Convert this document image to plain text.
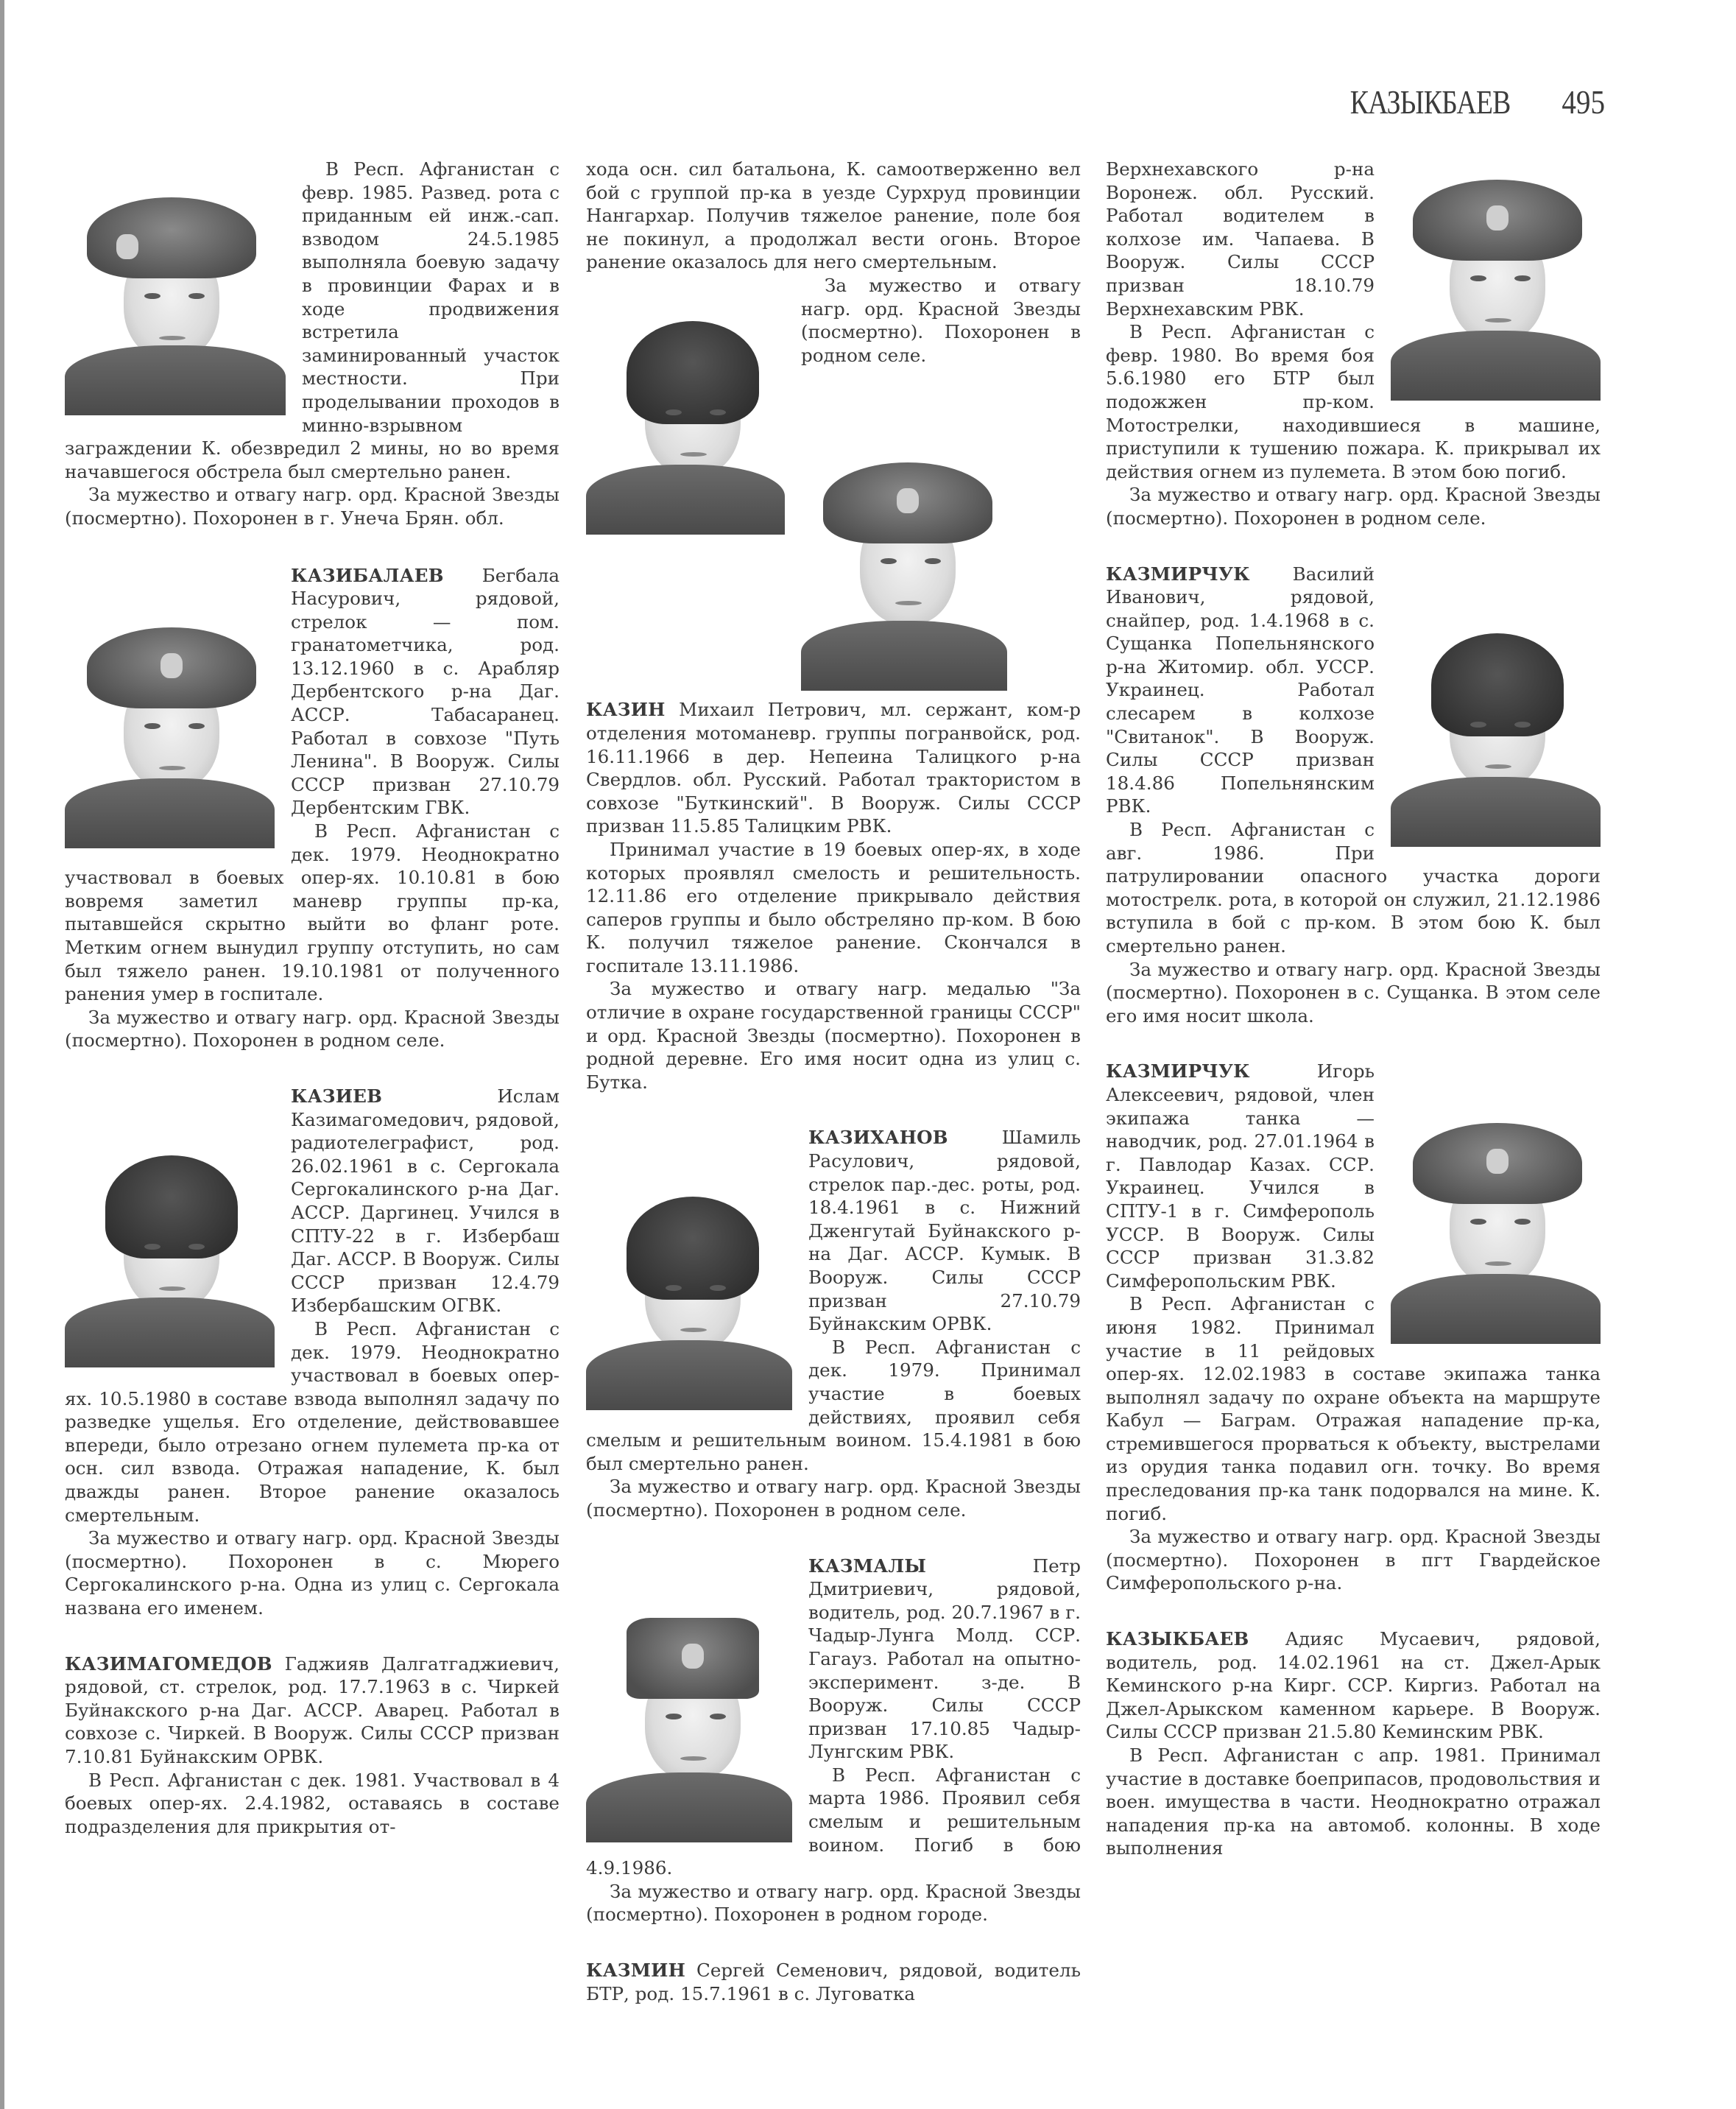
КАЗЫКБАЕВ 495

В Респ. Афганистан с февр. 1985. Развед. рота с приданным ей инж.-сап. взводом 24.5.1985 выполняла боевую задачу в провинции Фарах и в ходе продвижения встретила заминированный участок местности. При проделывании проходов в минно-взрывном заграждении К. обезвредил 2 мины, но во время начавшегося обстрела был смертельно ранен.

За мужество и отвагу нагр. орд. Красной Звезды (посмертно). Похоронен в г. Унеча Брян. обл.

КАЗИБАЛАЕВ Бегбала Насурович, рядовой, стрелок — пом. гранатометчика, род. 13.12.1960 в с. Арабляр Дербентского р-на Даг. АССР. Табасаранец. Работал в совхозе "Путь Ленина". В Вооруж. Силы СССР призван 27.10.79 Дербентским ГВК.

В Респ. Афганистан с дек. 1979. Неоднократно участвовал в боевых опер-ях. 10.10.81 в бою вовремя заметил маневр группы пр-ка, пытавшейся скрытно выйти во фланг роте. Метким огнем вынудил группу отступить, но сам был тяжело ранен. 19.10.1981 от полученного ранения умер в госпитале.

За мужество и отвагу нагр. орд. Красной Звезды (посмертно). Похоронен в родном селе.

КАЗИЕВ Ислам Казимагомедович, рядовой, радиотелеграфист, род. 26.02.1961 в с. Сергокала Сергокалинского р-на Даг. АССР. Даргинец. Учился в СПТУ-22 в г. Избербаш Даг. АССР. В Вооруж. Силы СССР призван 12.4.79 Избербашским ОГВК.

В Респ. Афганистан с дек. 1979. Неоднократно участвовал в боевых опер-ях. 10.5.1980 в составе взвода выполнял задачу по разведке ущелья. Его отделение, действовавшее впереди, было отрезано огнем пулемета пр-ка от осн. сил взвода. Отражая нападение, К. был дважды ранен. Второе ранение оказалось смертельным.

За мужество и отвагу нагр. орд. Красной Звезды (посмертно). Похоронен в с. Мюрего Сергокалинского р-на. Одна из улиц с. Сергокала названа его именем.

КАЗИМАГОМЕДОВ Гаджияв Далгатгаджиевич, рядовой, ст. стрелок, род. 17.7.1963 в с. Чиркей Буйнакского р-на Даг. АССР. Аварец. Работал в совхозе с. Чиркей. В Вооруж. Силы СССР призван 7.10.81 Буйнакским ОРВК.

В Респ. Афганистан с дек. 1981. Участвовал в 4 боевых опер-ях. 2.4.1982, оставаясь в составе подразделения для прикрытия от-

хода осн. сил батальона, К. самоотверженно вел бой с группой пр-ка в уезде Сурхруд провинции Нангархар. Получив тяжелое ранение, поле боя не покинул, а продолжал вести огонь. Второе ранение оказалось для него смертельным.

За мужество и отвагу нагр. орд. Красной Звезды (посмертно). Похоронен в родном селе.

КАЗИН Михаил Петрович, мл. сержант, ком-р отделения мотоманевр. группы погранвойск, род. 16.11.1966 в дер. Непеина Талицкого р-на Свердлов. обл. Русский. Работал трактористом в совхозе "Буткинский". В Вооруж. Силы СССР призван 11.5.85 Талицким РВК.

Принимал участие в 19 боевых опер-ях, в ходе которых проявлял смелость и решительность. 12.11.86 его отделение прикрывало действия саперов группы и было обстреляно пр-ком. В бою К. получил тяжелое ранение. Скончался в госпитале 13.11.1986.

За мужество и отвагу нагр. медалью "За отличие в охране государственной границы СССР" и орд. Красной Звезды (посмертно). Похоронен в родной деревне. Его имя носит одна из улиц с. Бутка.

КАЗИХАНОВ Шамиль Расулович, рядовой, стрелок пар.-дес. роты, род. 18.4.1961 в с. Нижний Дженгутай Буйнакского р-на Даг. АССР. Кумык. В Вооруж. Силы СССР призван 27.10.79 Буйнакским ОРВК.

В Респ. Афганистан с дек. 1979. Принимал участие в боевых действиях, проявил себя смелым и решительным воином. 15.4.1981 в бою был смертельно ранен.

За мужество и отвагу нагр. орд. Красной Звезды (посмертно). Похоронен в родном селе.

КАЗМАЛЫ Петр Дмитриевич, рядовой, водитель, род. 20.7.1967 в г. Чадыр-Лунга Молд. ССР. Гагауз. Работал на опытно-эксперимент. з-де. В Вооруж. Силы СССР призван 17.10.85 Чадыр-Лунгским РВК.

В Респ. Афганистан с марта 1986. Проявил себя смелым и решительным воином. Погиб в бою 4.9.1986.

За мужество и отвагу нагр. орд. Красной Звезды (посмертно). Похоронен в родном городе.

КАЗМИН Сергей Семенович, рядовой, водитель БТР, род. 15.7.1961 в с. Луговатка

Верхнехавского р-на Воронеж. обл. Русский. Работал водителем в колхозе им. Чапаева. В Вооруж. Силы СССР призван 18.10.79 Верхнехавским РВК.

В Респ. Афганистан с февр. 1980. Во время боя 5.6.1980 его БТР был подожжен пр-ком. Мотострелки, находившиеся в машине, приступили к тушению пожара. К. прикрывал их действия огнем из пулемета. В этом бою погиб.

За мужество и отвагу нагр. орд. Красной Звезды (посмертно). Похоронен в родном селе.

КАЗМИРЧУК Василий Иванович, рядовой, снайпер, род. 1.4.1968 в с. Сущанка Попельнянского р-на Житомир. обл. УССР. Украинец. Работал слесарем в колхозе "Свитанок". В Вооруж. Силы СССР призван 18.4.86 Попельнянским РВК.

В Респ. Афганистан с авг. 1986. При патрулировании опасного участка дороги мотострелк. рота, в которой он служил, 21.12.1986 вступила в бой с пр-ком. В этом бою К. был смертельно ранен.

За мужество и отвагу нагр. орд. Красной Звезды (посмертно). Похоронен в с. Сущанка. В этом селе его имя носит школа.

КАЗМИРЧУК Игорь Алексеевич, рядовой, член экипажа танка — наводчик, род. 27.01.1964 в г. Павлодар Казах. ССР. Украинец. Учился в СПТУ-1 в г. Симферополь УССР. В Вооруж. Силы СССР призван 31.3.82 Симферопольским РВК.

В Респ. Афганистан с июня 1982. Принимал участие в 11 рейдовых опер-ях. 12.02.1983 в составе экипажа танка выполнял задачу по охране объекта на маршруте Кабул — Баграм. Отражая нападение пр-ка, стремившегося прорваться к объекту, выстрелами из орудия танка подавил огн. точку. Во время преследования пр-ка танк подорвался на мине. К. погиб.

За мужество и отвагу нагр. орд. Красной Звезды (посмертно). Похоронен в пгт Гвардейское Симферопольского р-на.

КАЗЫКБАЕВ Адияс Мусаевич, рядовой, водитель, род. 14.02.1961 на ст. Джел-Арык Кеминского р-на Кирг. ССР. Киргиз. Работал на Джел-Арыкском каменном карьере. В Вооруж. Силы СССР призван 21.5.80 Кеминским РВК.

В Респ. Афганистан с апр. 1981. Принимал участие в доставке боеприпасов, продовольствия и воен. имущества в части. Неоднократно отражал нападения пр-ка на автомоб. колонны. В ходе выполнения
